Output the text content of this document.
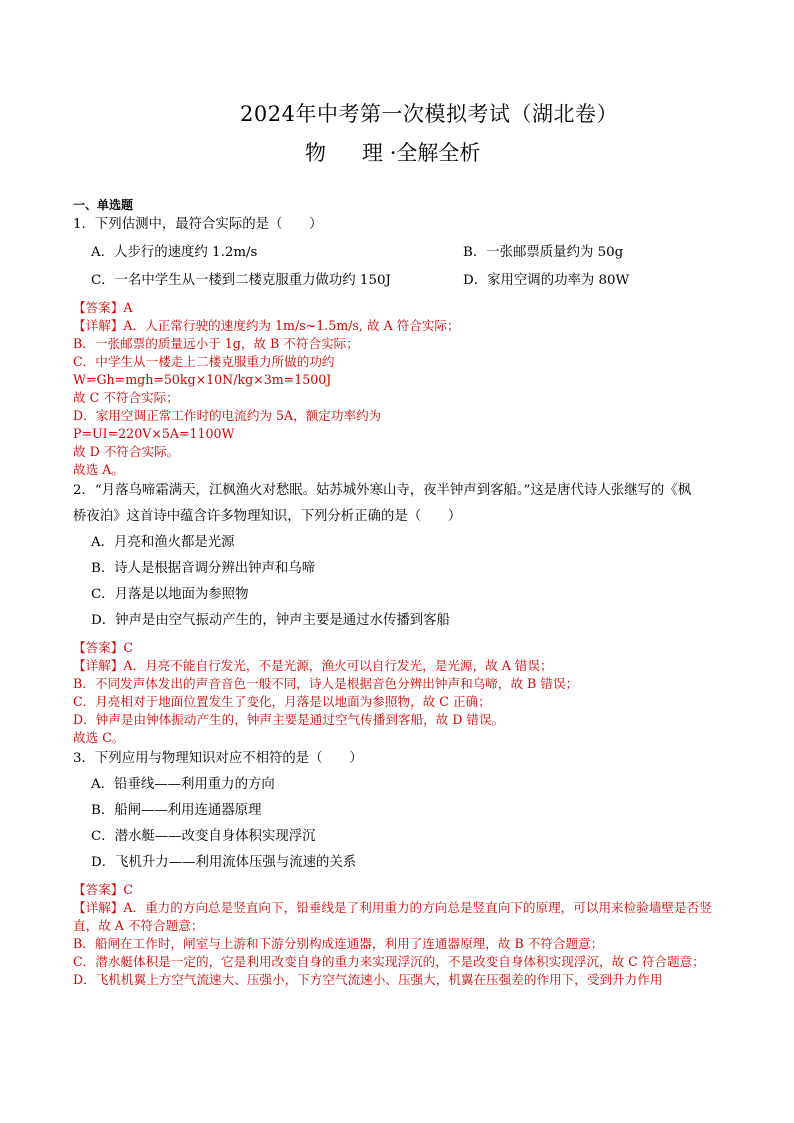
2024年中考第一次模拟考试（湖北卷）
物 理 ·全解全析
一、单选题
1．下列估测中，最符合实际的是（　　）
A．人步行的速度约 1.2m/s	B．一张邮票质量约为 50g
C．一名中学生从一楼到二楼克服重力做功约 150J	D．家用空调的功率为 80W
【答案】A
【详解】A．人正常行驶的速度约为 1m/s~1.5m/s, 故 A 符合实际；
B．一张邮票的质量远小于 1g，故 B 不符合实际；
C．中学生从一楼走上二楼克服重力所做的功约
W=Gh=mgh=50kg×10N/kg×3m=1500J
故 C 不符合实际；
D．家用空调正常工作时的电流约为 5A，额定功率约为
P=UI=220V×5A=1100W
故 D 不符合实际。
故选 A。
2．“月落乌啼霜满天，江枫渔火对愁眠。姑苏城外寒山寺，夜半钟声到客船。”这是唐代诗人张继写的《枫
桥夜泊》这首诗中蕴含许多物理知识，下列分析正确的是（　　）
A．月亮和渔火都是光源
B．诗人是根据音调分辨出钟声和乌啼
C．月落是以地面为参照物
D．钟声是由空气振动产生的，钟声主要是通过水传播到客船
【答案】C
【详解】A．月亮不能自行发光，不是光源，渔火可以自行发光，是光源，故 A 错误；
B．不同发声体发出的声音音色一般不同，诗人是根据音色分辨出钟声和乌啼，故 B 错误；
C．月亮相对于地面位置发生了变化，月落是以地面为参照物，故 C 正确；
D．钟声是由钟体振动产生的，钟声主要是通过空气传播到客船，故 D 错误。
故选 C。
3．下列应用与物理知识对应不相符的是（　　）
A．铅垂线——利用重力的方向
B．船闸——利用连通器原理
C．潜水艇——改变自身体积实现浮沉
D．飞机升力——利用流体压强与流速的关系
【答案】C
【详解】A．重力的方向总是竖直向下，铅垂线是了利用重力的方向总是竖直向下的原理，可以用来检验墙壁是否竖直，故 A 不符合题意；
B．船闸在工作时，闸室与上游和下游分别构成连通器，利用了连通器原理，故 B 不符合题意；
C．潜水艇体积是一定的，它是利用改变自身的重力来实现浮沉的，不是改变自身体积实现浮沉，故 C 符合题意；
D．飞机机翼上方空气流速大、压强小，下方空气流速小、压强大，机翼在压强差的作用下，受到升力作用
